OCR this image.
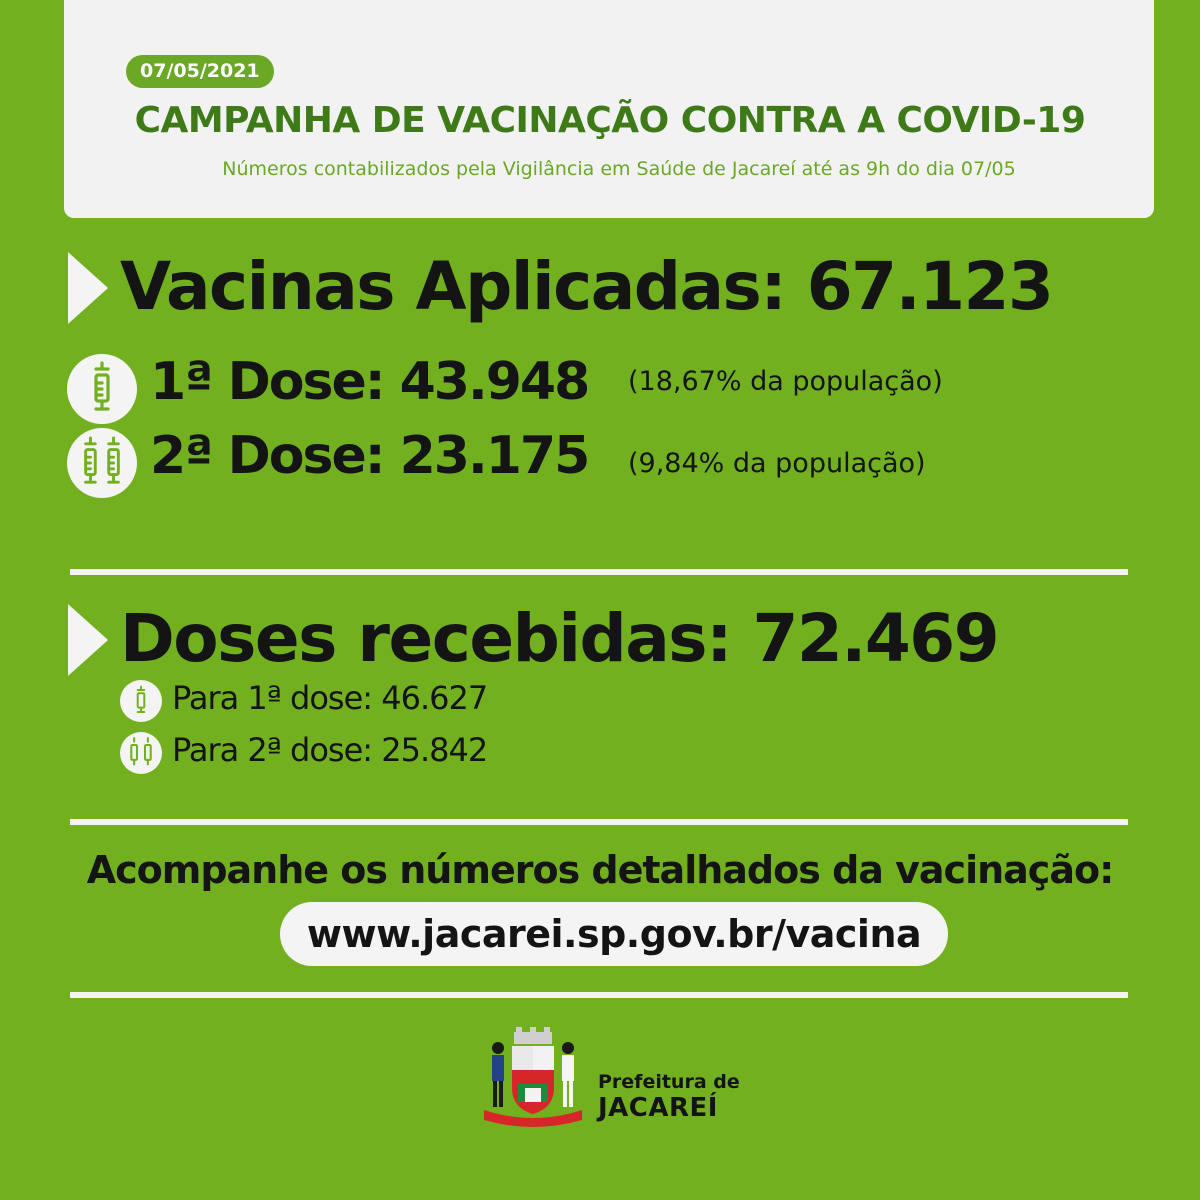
07/05/2021
CAMPANHA DE VACINAÇÃO CONTRA A COVID-19
Números contabilizados pela Vigilância em Saúde de Jacareí até as 9h do dia 07/05
Vacinas Aplicadas: 67.123
1ª Dose: 43.948 (18,67% da população)
2ª Dose: 23.175 (9,84% da população)
Doses recebidas: 72.469
Para 1ª dose: 46.627
Para 2ª dose: 25.842
Acompanhe os números detalhados da vacinação:
www.jacarei.sp.gov.br/vacina
Prefeitura de
JACAREÍ
